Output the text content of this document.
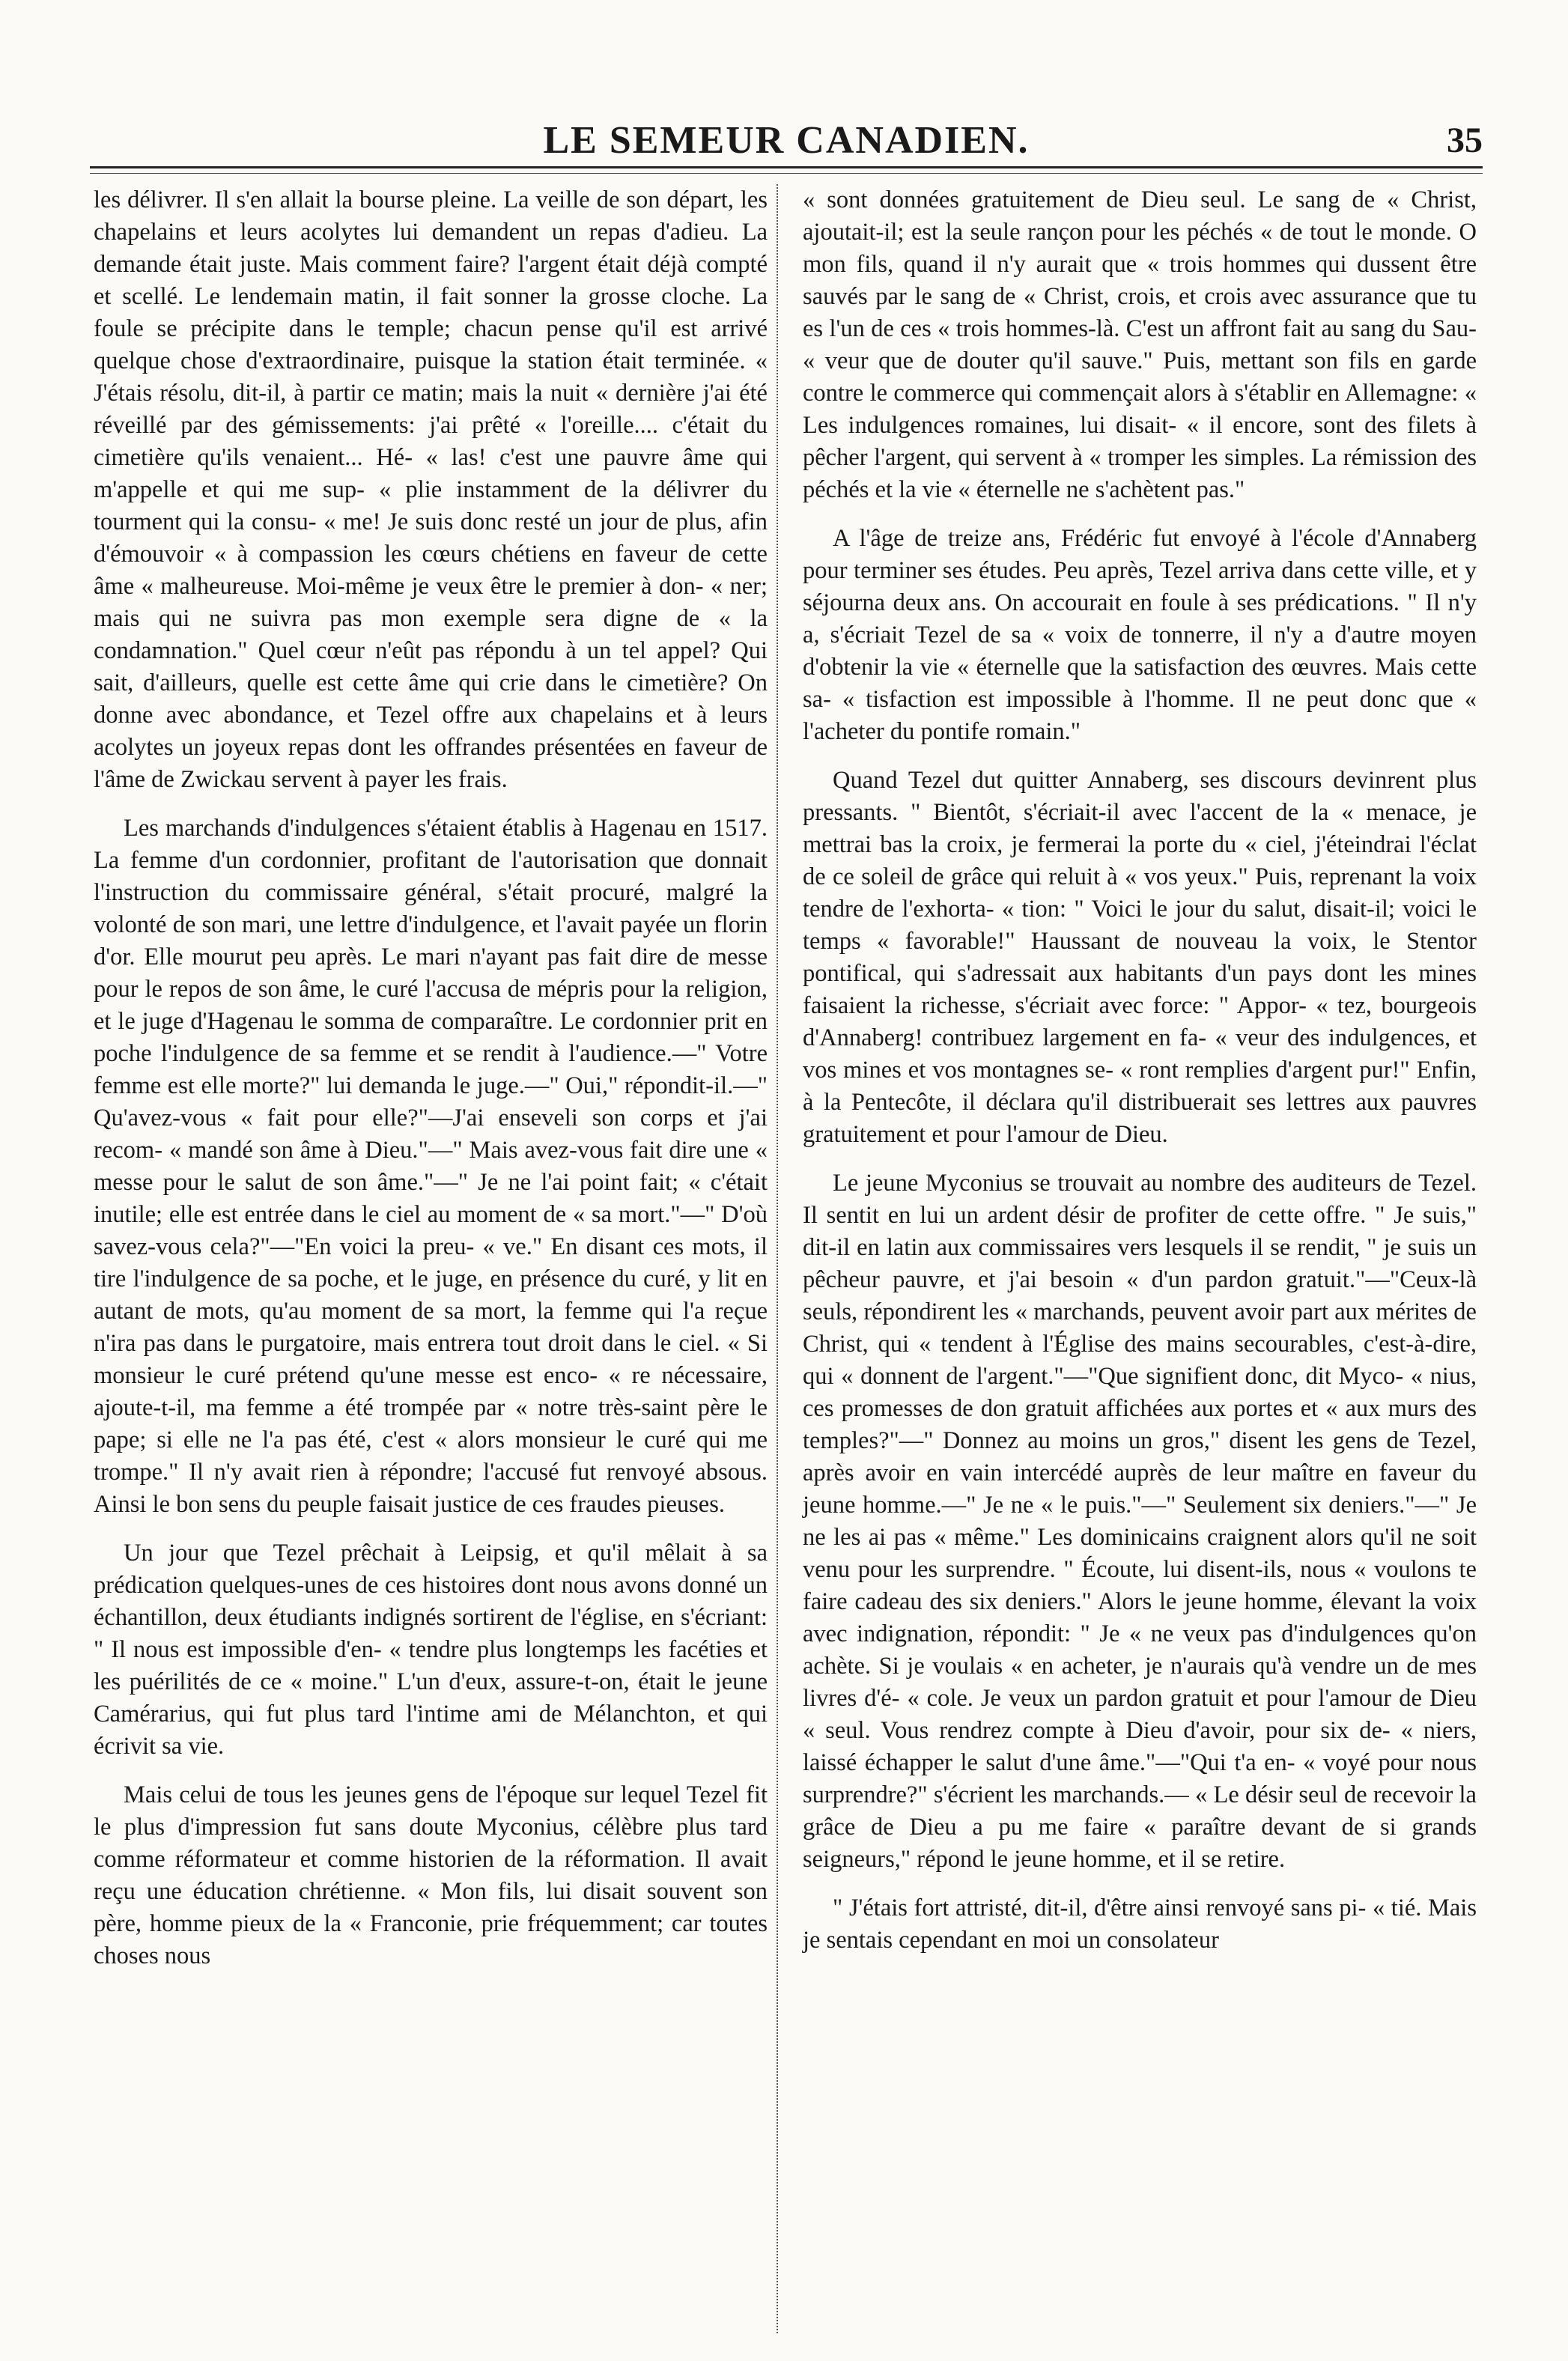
LE SEMEUR CANADIEN.	35

les délivrer. Il s'en allait la bourse pleine. La veille de son départ, les chapelains et leurs acolytes lui demandent un repas d'adieu. La demande était juste. Mais comment faire? l'argent était déjà compté et scellé. Le lendemain matin, il fait sonner la grosse cloche. La foule se précipite dans le temple; chacun pense qu'il est arrivé quelque chose d'extraordinaire, puisque la station était terminée. « J'étais résolu, dit-il, à partir ce matin; mais la nuit « dernière j'ai été réveillé par des gémissements: j'ai prêté « l'oreille.... c'était du cimetière qu'ils venaient... Hé- « las! c'est une pauvre âme qui m'appelle et qui me sup- « plie instamment de la délivrer du tourment qui la consu- « me! Je suis donc resté un jour de plus, afin d'émouvoir « à compassion les cœurs chétiens en faveur de cette âme « malheureuse. Moi-même je veux être le premier à don- « ner; mais qui ne suivra pas mon exemple sera digne de « la condamnation." Quel cœur n'eût pas répondu à un tel appel? Qui sait, d'ailleurs, quelle est cette âme qui crie dans le cimetière? On donne avec abondance, et Tezel offre aux chapelains et à leurs acolytes un joyeux repas dont les offrandes présentées en faveur de l'âme de Zwickau servent à payer les frais.

Les marchands d'indulgences s'étaient établis à Hagenau en 1517. La femme d'un cordonnier, profitant de l'autorisation que donnait l'instruction du commissaire général, s'était procuré, malgré la volonté de son mari, une lettre d'indulgence, et l'avait payée un florin d'or. Elle mourut peu après. Le mari n'ayant pas fait dire de messe pour le repos de son âme, le curé l'accusa de mépris pour la religion, et le juge d'Hagenau le somma de comparaître. Le cordonnier prit en poche l'indulgence de sa femme et se rendit à l'audience.—" Votre femme est elle morte?" lui demanda le juge.—" Oui," répondit-il.—" Qu'avez-vous « fait pour elle?"—J'ai enseveli son corps et j'ai recom- « mandé son âme à Dieu."—" Mais avez-vous fait dire une « messe pour le salut de son âme."—" Je ne l'ai point fait; « c'était inutile; elle est entrée dans le ciel au moment de « sa mort."—" D'où savez-vous cela?"—"En voici la preu- « ve." En disant ces mots, il tire l'indulgence de sa poche, et le juge, en présence du curé, y lit en autant de mots, qu'au moment de sa mort, la femme qui l'a reçue n'ira pas dans le purgatoire, mais entrera tout droit dans le ciel. « Si monsieur le curé prétend qu'une messe est enco- « re nécessaire, ajoute-t-il, ma femme a été trompée par « notre très-saint père le pape; si elle ne l'a pas été, c'est « alors monsieur le curé qui me trompe." Il n'y avait rien à répondre; l'accusé fut renvoyé absous. Ainsi le bon sens du peuple faisait justice de ces fraudes pieuses.

Un jour que Tezel prêchait à Leipsig, et qu'il mêlait à sa prédication quelques-unes de ces histoires dont nous avons donné un échantillon, deux étudiants indignés sortirent de l'église, en s'écriant: " Il nous est impossible d'en- « tendre plus longtemps les facéties et les puérilités de ce « moine." L'un d'eux, assure-t-on, était le jeune Camérarius, qui fut plus tard l'intime ami de Mélanchton, et qui écrivit sa vie.

Mais celui de tous les jeunes gens de l'époque sur lequel Tezel fit le plus d'impression fut sans doute Myconius, célèbre plus tard comme réformateur et comme historien de la réformation. Il avait reçu une éducation chrétienne. « Mon fils, lui disait souvent son père, homme pieux de la « Franconie, prie fréquemment; car toutes choses nous

« sont données gratuitement de Dieu seul. Le sang de « Christ, ajoutait-il; est la seule rançon pour les péchés « de tout le monde. O mon fils, quand il n'y aurait que « trois hommes qui dussent être sauvés par le sang de « Christ, crois, et crois avec assurance que tu es l'un de ces « trois hommes-là. C'est un affront fait au sang du Sau- « veur que de douter qu'il sauve." Puis, mettant son fils en garde contre le commerce qui commençait alors à s'établir en Allemagne: « Les indulgences romaines, lui disait- « il encore, sont des filets à pêcher l'argent, qui servent à « tromper les simples. La rémission des péchés et la vie « éternelle ne s'achètent pas."

A l'âge de treize ans, Frédéric fut envoyé à l'école d'Annaberg pour terminer ses études. Peu après, Tezel arriva dans cette ville, et y séjourna deux ans. On accourait en foule à ses prédications. " Il n'y a, s'écriait Tezel de sa « voix de tonnerre, il n'y a d'autre moyen d'obtenir la vie « éternelle que la satisfaction des œuvres. Mais cette sa- « tisfaction est impossible à l'homme. Il ne peut donc que « l'acheter du pontife romain."

Quand Tezel dut quitter Annaberg, ses discours devinrent plus pressants. " Bientôt, s'écriait-il avec l'accent de la « menace, je mettrai bas la croix, je fermerai la porte du « ciel, j'éteindrai l'éclat de ce soleil de grâce qui reluit à « vos yeux." Puis, reprenant la voix tendre de l'exhorta- « tion: " Voici le jour du salut, disait-il; voici le temps « favorable!" Haussant de nouveau la voix, le Stentor pontifical, qui s'adressait aux habitants d'un pays dont les mines faisaient la richesse, s'écriait avec force: " Appor- « tez, bourgeois d'Annaberg! contribuez largement en fa- « veur des indulgences, et vos mines et vos montagnes se- « ront remplies d'argent pur!" Enfin, à la Pentecôte, il déclara qu'il distribuerait ses lettres aux pauvres gratuitement et pour l'amour de Dieu.

Le jeune Myconius se trouvait au nombre des auditeurs de Tezel. Il sentit en lui un ardent désir de profiter de cette offre. " Je suis," dit-il en latin aux commissaires vers lesquels il se rendit, " je suis un pêcheur pauvre, et j'ai besoin « d'un pardon gratuit."—"Ceux-là seuls, répondirent les « marchands, peuvent avoir part aux mérites de Christ, qui « tendent à l'Église des mains secourables, c'est-à-dire, qui « donnent de l'argent."—"Que signifient donc, dit Myco- « nius, ces promesses de don gratuit affichées aux portes et « aux murs des temples?"—" Donnez au moins un gros," disent les gens de Tezel, après avoir en vain intercédé auprès de leur maître en faveur du jeune homme.—" Je ne « le puis."—" Seulement six deniers."—" Je ne les ai pas « même." Les dominicains craignent alors qu'il ne soit venu pour les surprendre. " Écoute, lui disent-ils, nous « voulons te faire cadeau des six deniers." Alors le jeune homme, élevant la voix avec indignation, répondit: " Je « ne veux pas d'indulgences qu'on achète. Si je voulais « en acheter, je n'aurais qu'à vendre un de mes livres d'é- « cole. Je veux un pardon gratuit et pour l'amour de Dieu « seul. Vous rendrez compte à Dieu d'avoir, pour six de- « niers, laissé échapper le salut d'une âme."—"Qui t'a en- « voyé pour nous surprendre?" s'écrient les marchands.— « Le désir seul de recevoir la grâce de Dieu a pu me faire « paraître devant de si grands seigneurs," répond le jeune homme, et il se retire.

" J'étais fort attristé, dit-il, d'être ainsi renvoyé sans pi- « tié. Mais je sentais cependant en moi un consolateur
